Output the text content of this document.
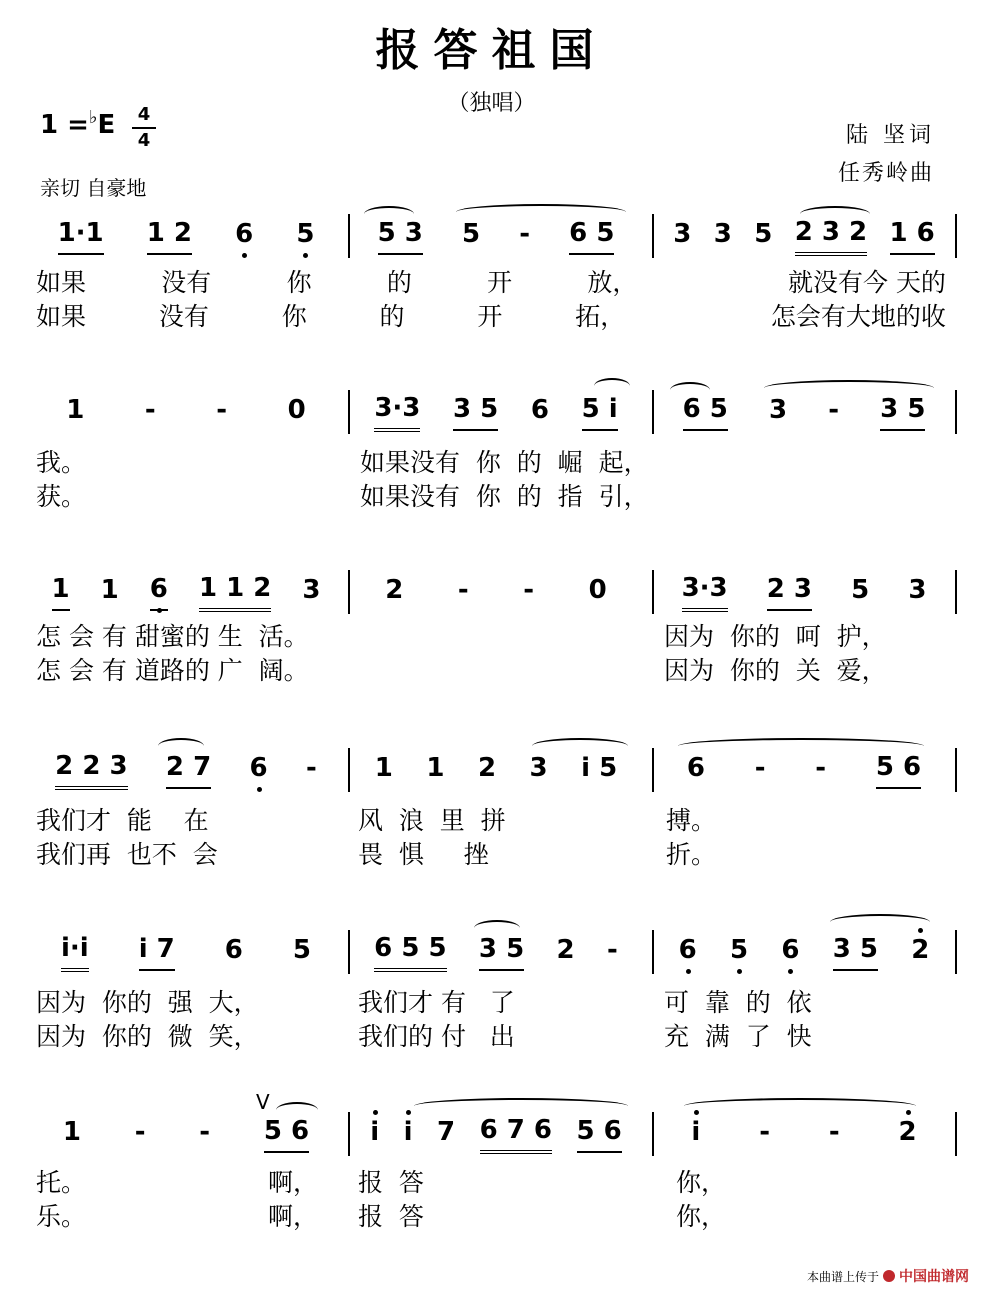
报答祖国
（独唱）
1 =♭E	4
4
亲切 自豪地
陆 坚词
任秀岭曲
1·1 1 2 6 5 5 3 5 - 6 5 3 3 5 2 3 2 1 6
如果	没有	你	的	开	放，	就没有今 天的
如果	没有	你	的	开	拓，	怎会有大地的收
1 - - 0	3·3 3 5 6 5 i 6 5 3 - 3 5
我。	如果没有  你  的  崛  起，
获。	如果没有  你  的  指  引，
1 1 6 1 1 2 3 2 - - 0	3·3 2 3 5 3
怎 会 有 甜蜜的 生  活。	因为  你的  呵  护，
怎 会 有 道路的 广  阔。	因为  你的  关  爱，
2 2 3 2 7 6 - 1 1 2 3 i 5	6 - - 5 6
我们才  能    在	风  浪  里  拼	搏。
我们再  也不  会	畏  惧     挫	折。
i·i i 7 6 5 6 5 5 3 5 2 - 6 5 6 3 5 2
因为  你的  强  大，	我们才 有   了	可  靠  的  依
因为  你的  微  笑，	我们的 付   出	充  满  了  快
V
1 - - 5 6 i i 7 6 7 6 5 6	i - - 2
托。	啊， 报  答	你，
乐。	啊， 报  答	你，
本曲谱上传于 中国曲谱网
